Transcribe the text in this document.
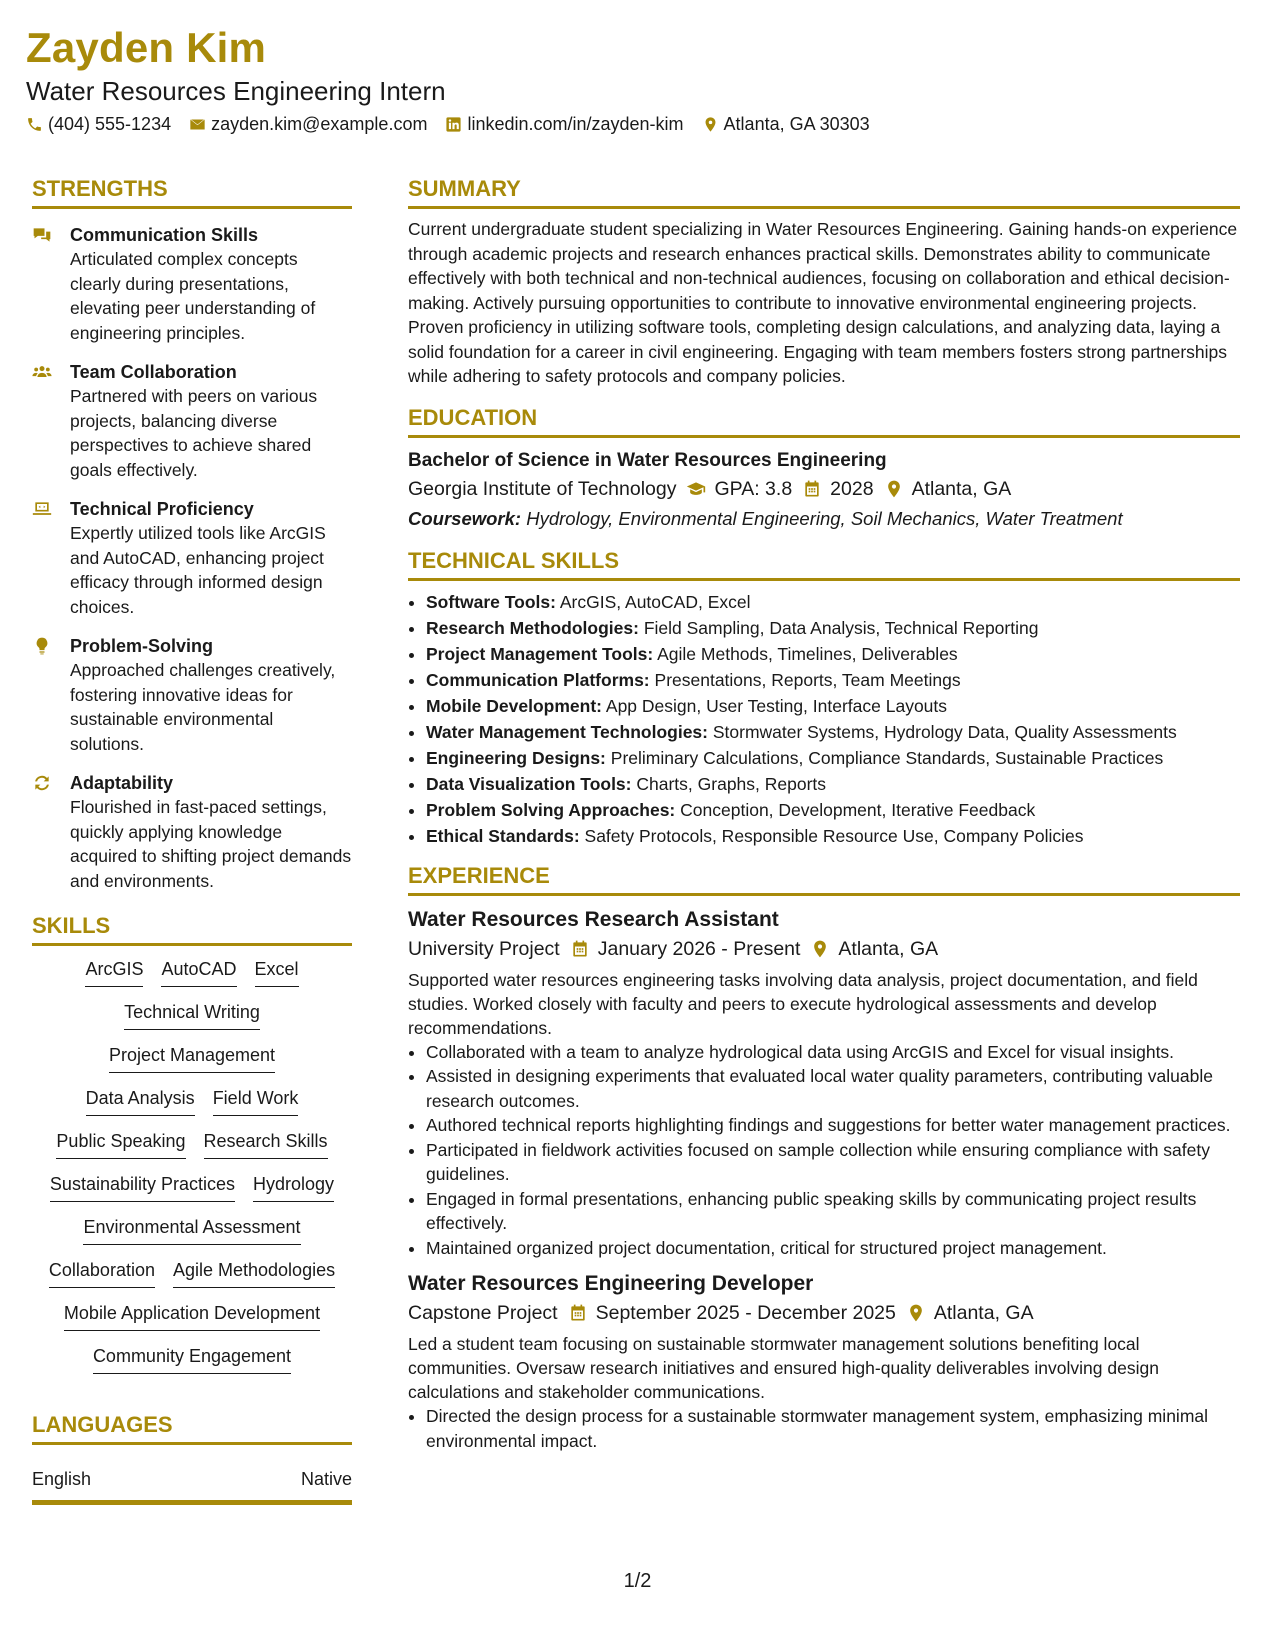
Zayden Kim
Water Resources Engineering Intern
(404) 555-1234 zayden.kim@example.com linkedin.com/in/zayden-kim Atlanta, GA 30303
STRENGTHS
Communication Skills
Articulated complex concepts clearly during presentations, elevating peer understanding of engineering principles.
Team Collaboration
Partnered with peers on various projects, balancing diverse perspectives to achieve shared goals effectively.
Technical Proficiency
Expertly utilized tools like ArcGIS and AutoCAD, enhancing project efficacy through informed design choices.
Problem-Solving
Approached challenges creatively, fostering innovative ideas for sustainable environmental solutions.
Adaptability
Flourished in fast-paced settings, quickly applying knowledge acquired to shifting project demands and environments.
SKILLS
ArcGIS AutoCAD Excel
Technical Writing
Project Management
Data Analysis Field Work
Public Speaking Research Skills
Sustainability Practices Hydrology
Environmental Assessment
Collaboration Agile Methodologies
Mobile Application Development
Community Engagement
LANGUAGES
English	Native
SUMMARY
Current undergraduate student specializing in Water Resources Engineering. Gaining hands-on experience through academic projects and research enhances practical skills. Demonstrates ability to communicate effectively with both technical and non-technical audiences, focusing on collaboration and ethical decision-making. Actively pursuing opportunities to contribute to innovative environmental engineering projects. Proven proficiency in utilizing software tools, completing design calculations, and analyzing data, laying a solid foundation for a career in civil engineering. Engaging with team members fosters strong partnerships while adhering to safety protocols and company policies.
EDUCATION
Bachelor of Science in Water Resources Engineering
Georgia Institute of Technology GPA: 3.8 2028 Atlanta, GA
Coursework: Hydrology, Environmental Engineering, Soil Mechanics, Water Treatment
TECHNICAL SKILLS
• Software Tools: ArcGIS, AutoCAD, Excel
• Research Methodologies: Field Sampling, Data Analysis, Technical Reporting
• Project Management Tools: Agile Methods, Timelines, Deliverables
• Communication Platforms: Presentations, Reports, Team Meetings
• Mobile Development: App Design, User Testing, Interface Layouts
• Water Management Technologies: Stormwater Systems, Hydrology Data, Quality Assessments
• Engineering Designs: Preliminary Calculations, Compliance Standards, Sustainable Practices
• Data Visualization Tools: Charts, Graphs, Reports
• Problem Solving Approaches: Conception, Development, Iterative Feedback
• Ethical Standards: Safety Protocols, Responsible Resource Use, Company Policies
EXPERIENCE
Water Resources Research Assistant
University Project January 2026 - Present Atlanta, GA
Supported water resources engineering tasks involving data analysis, project documentation, and field studies. Worked closely with faculty and peers to execute hydrological assessments and develop recommendations.
• Collaborated with a team to analyze hydrological data using ArcGIS and Excel for visual insights.
• Assisted in designing experiments that evaluated local water quality parameters, contributing valuable research outcomes.
• Authored technical reports highlighting findings and suggestions for better water management practices.
• Participated in fieldwork activities focused on sample collection while ensuring compliance with safety guidelines.
• Engaged in formal presentations, enhancing public speaking skills by communicating project results effectively.
• Maintained organized project documentation, critical for structured project management.
Water Resources Engineering Developer
Capstone Project September 2025 - December 2025 Atlanta, GA
Led a student team focusing on sustainable stormwater management solutions benefiting local communities. Oversaw research initiatives and ensured high-quality deliverables involving design calculations and stakeholder communications.
• Directed the design process for a sustainable stormwater management system, emphasizing minimal environmental impact.
1/2
